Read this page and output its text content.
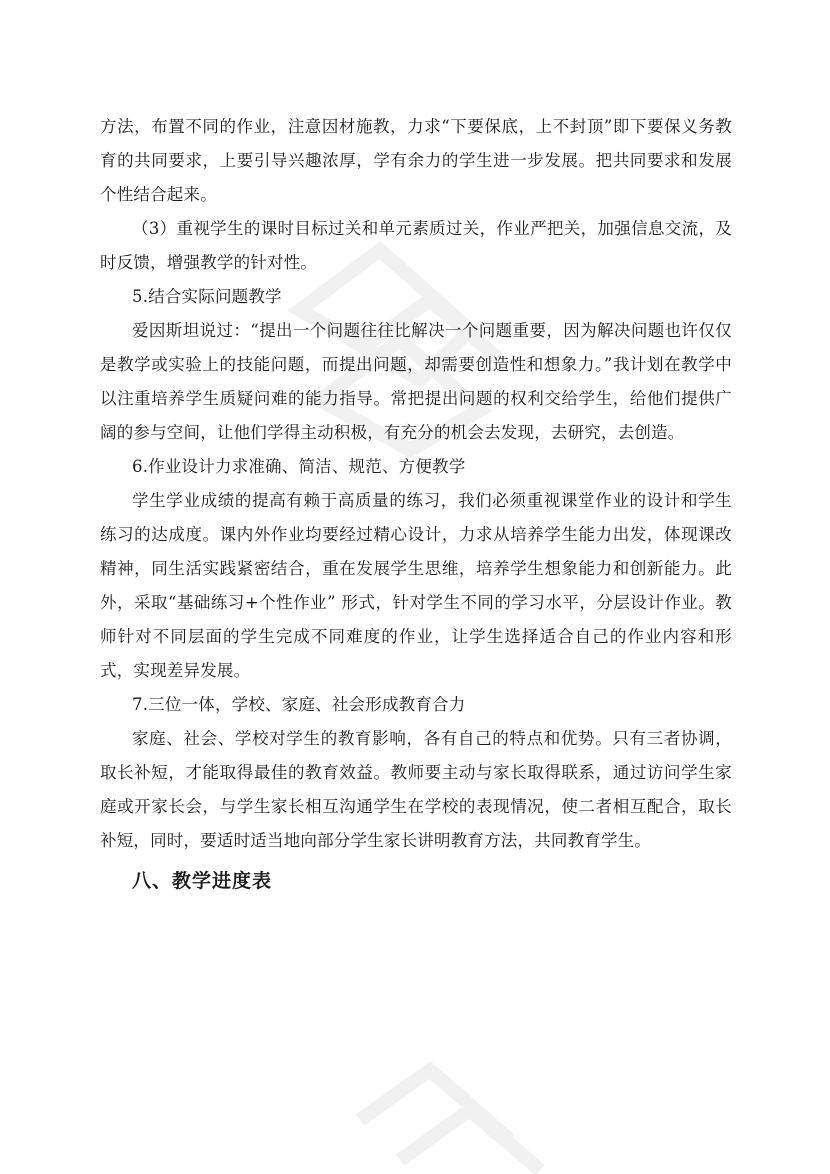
方法，布置不同的作业，注意因材施教，力求“下要保底，上不封顶”即下要保义务教育的共同要求，上要引导兴趣浓厚，学有余力的学生进一步发展。把共同要求和发展个性结合起来。

（3）重视学生的课时目标过关和单元素质过关，作业严把关，加强信息交流，及时反馈，增强教学的针对性。

5.结合实际问题教学

爱因斯坦说过：“提出一个问题往往比解决一个问题重要，因为解决问题也许仅仅是教学或实验上的技能问题，而提出问题，却需要创造性和想象力。”我计划在教学中以注重培养学生质疑问难的能力指导。常把提出问题的权利交给学生，给他们提供广阔的参与空间，让他们学得主动积极，有充分的机会去发现，去研究，去创造。

6.作业设计力求准确、简洁、规范、方便教学

学生学业成绩的提高有赖于高质量的练习，我们必须重视课堂作业的设计和学生练习的达成度。课内外作业均要经过精心设计，力求从培养学生能力出发，体现课改精神，同生活实践紧密结合，重在发展学生思维，培养学生想象能力和创新能力。此外，采取“基础练习+个性作业” 形式，针对学生不同的学习水平，分层设计作业。教师针对不同层面的学生完成不同难度的作业，让学生选择适合自己的作业内容和形式，实现差异发展。

7.三位一体，学校、家庭、社会形成教育合力

家庭、社会、学校对学生的教育影响，各有自己的特点和优势。只有三者协调，取长补短，才能取得最佳的教育效益。教师要主动与家长取得联系，通过访问学生家庭或开家长会，与学生家长相互沟通学生在学校的表现情况，使二者相互配合，取长补短，同时，要适时适当地向部分学生家长讲明教育方法，共同教育学生。

八、教学进度表
